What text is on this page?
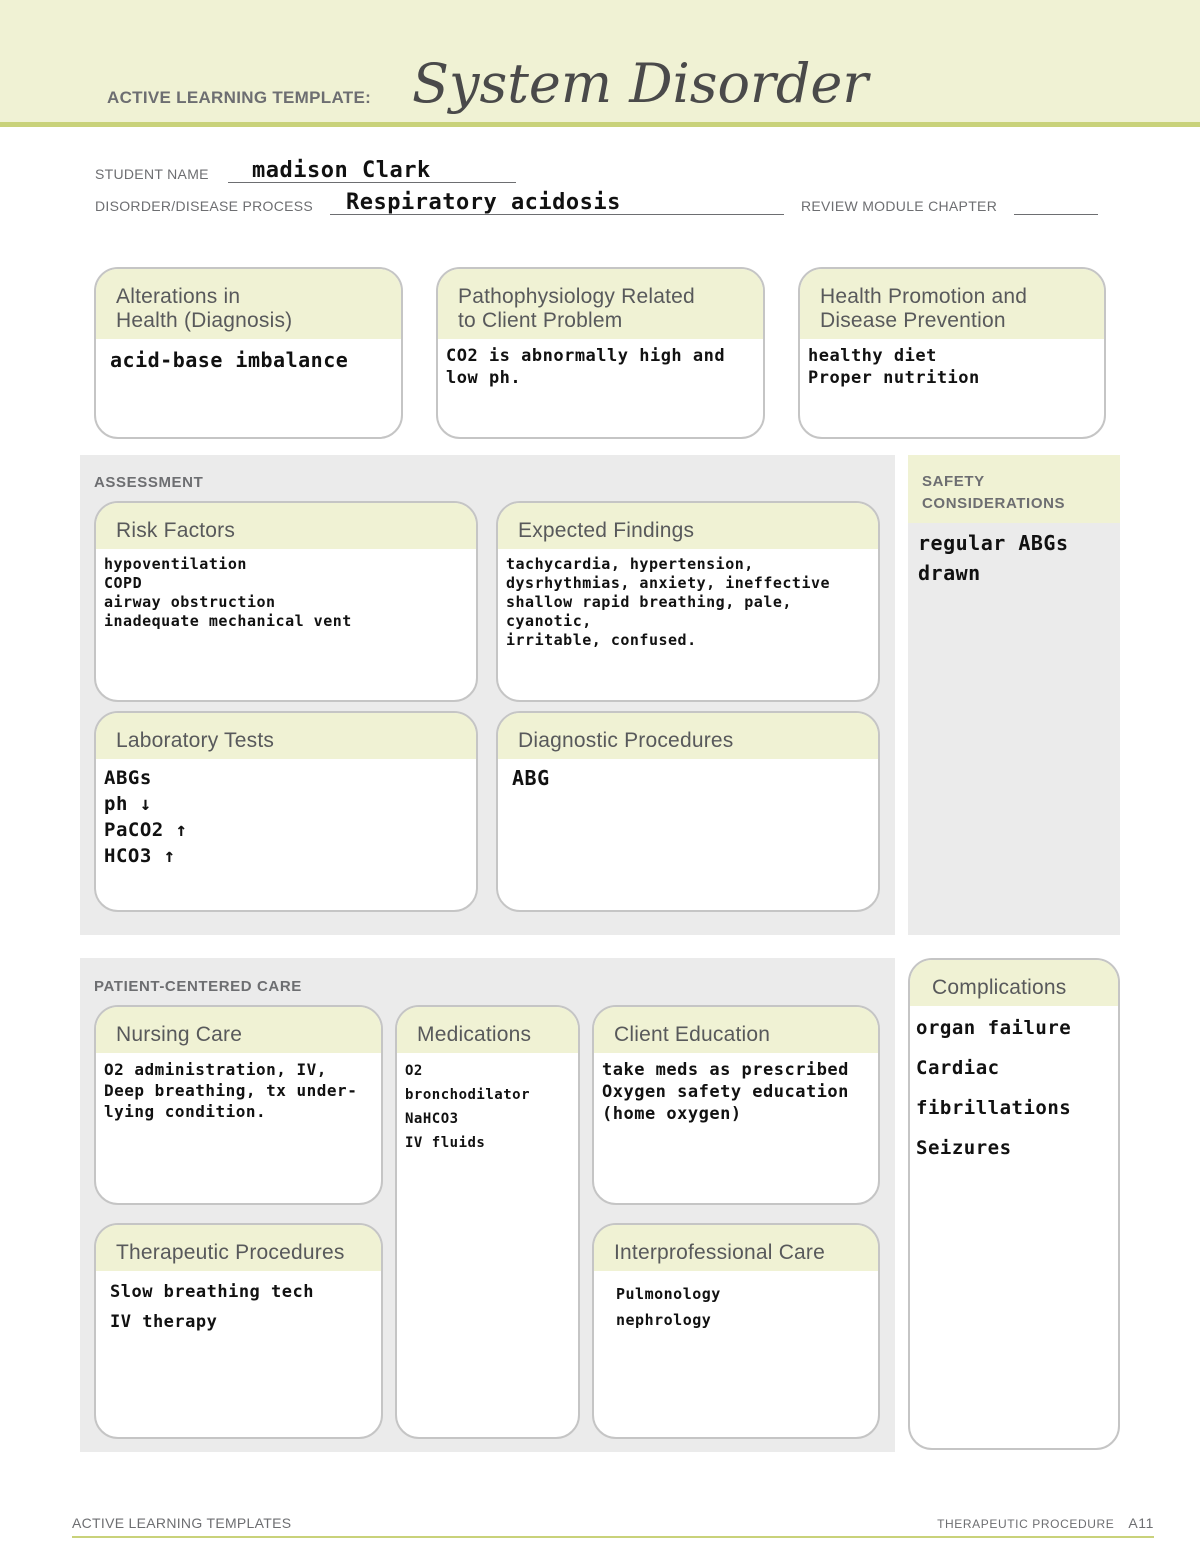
ACTIVE LEARNING TEMPLATE: System Disorder
STUDENT NAME madison Clark
DISORDER/DISEASE PROCESS Respiratory acidosis	REVIEW MODULE CHAPTER
Alterations in
Health (Diagnosis)
acid-base imbalance
Pathophysiology Related
to Client Problem
CO2 is abnormally high and
low ph.
Health Promotion and
Disease Prevention
healthy diet
Proper nutrition
ASSESSMENT
Risk Factors
hypoventilation
COPD
airway obstruction
inadequate mechanical vent
Expected Findings
tachycardia, hypertension,
dysrhythmias, anxiety, ineffective
shallow rapid breathing, pale, cyanotic,
irritable, confused.
Laboratory Tests
ABGs
ph ↓
PaCO2 ↑
HCO3 ↑
Diagnostic Procedures
ABG
SAFETY
CONSIDERATIONS
regular ABGs
drawn
PATIENT-CENTERED CARE
Nursing Care
O2 administration, IV,
Deep breathing, tx under-
lying condition.
Medications
O2
bronchodilator
NaHCO3
IV fluids
Client Education
take meds as prescribed
Oxygen safety education
(home oxygen)
Therapeutic Procedures
Slow breathing tech
IV therapy
Interprofessional Care
Pulmonology
nephrology
Complications
organ failure
Cardiac fibrillations
Seizures
ACTIVE LEARNING TEMPLATES	THERAPEUTIC PROCEDURE A11
